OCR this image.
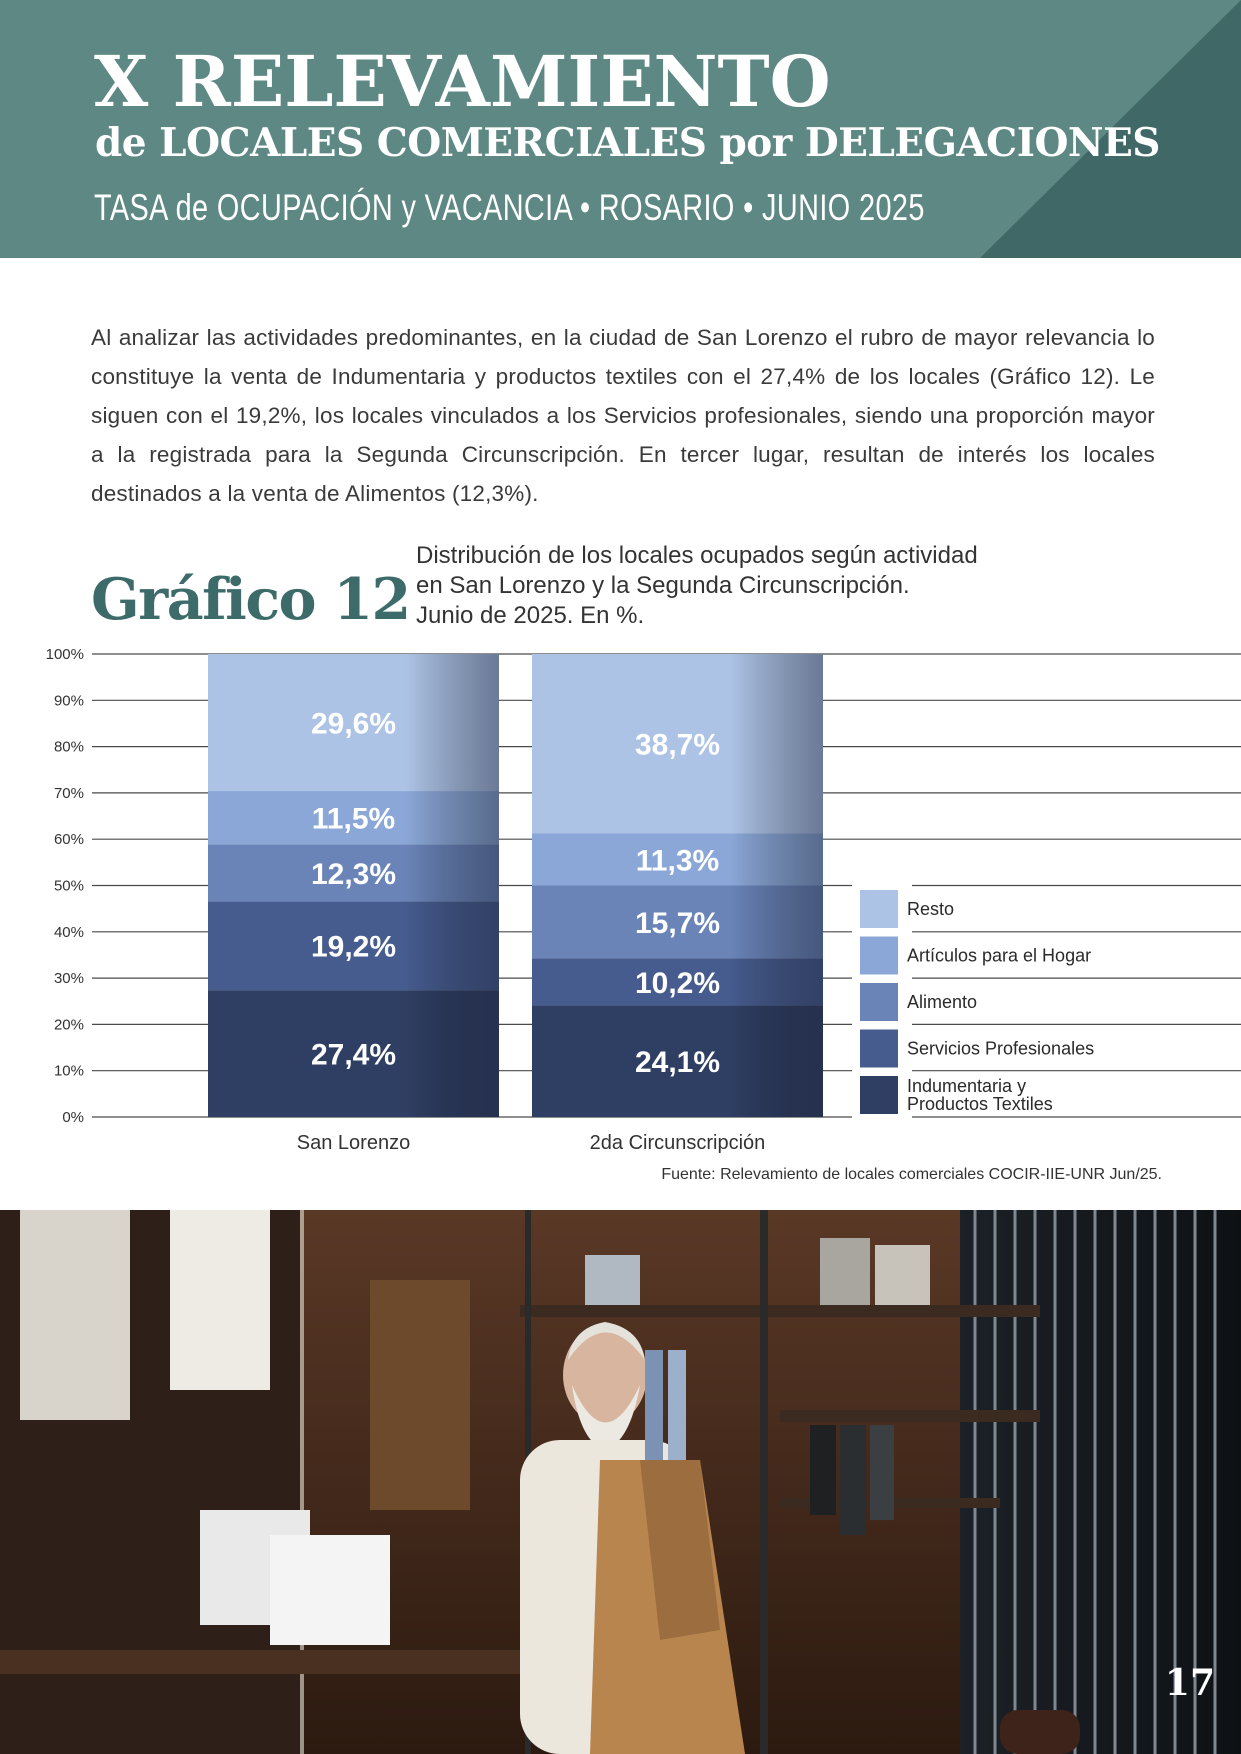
X RELEVAMIENTO
de LOCALES COMERCIALES por DELEGACIONES

TASA de OCUPACIÓN y VACANCIA • ROSARIO • JUNIO 2025

Al analizar las actividades predominantes, en la ciudad de San Lorenzo el rubro de mayor relevancia lo constituye la venta de Indumentaria y productos textiles con el 27,4% de los locales (Gráfico 12). Le siguen con el 19,2%, los locales vinculados a los Servicios profesionales, siendo una proporción mayor a la registrada para la Segunda Circunscripción. En tercer lugar, resultan de interés los locales destinados a la venta de Alimentos (12,3%).

Gráfico 12

Distribución de los locales ocupados según actividad
en San Lorenzo y la Segunda Circunscripción.
Junio de 2025. En %.

0%
10%
20%
30%
40%
50%
60%
70%
80%
90%
100%
San Lorenzo	2da Circunscripción
Resto
Artículos para el Hogar
Alimento
Servicios Profesionales
Indumentaria y
Productos Textiles

Fuente: Relevamiento de locales comerciales COCIR-IIE-UNR Jun/25.

17
